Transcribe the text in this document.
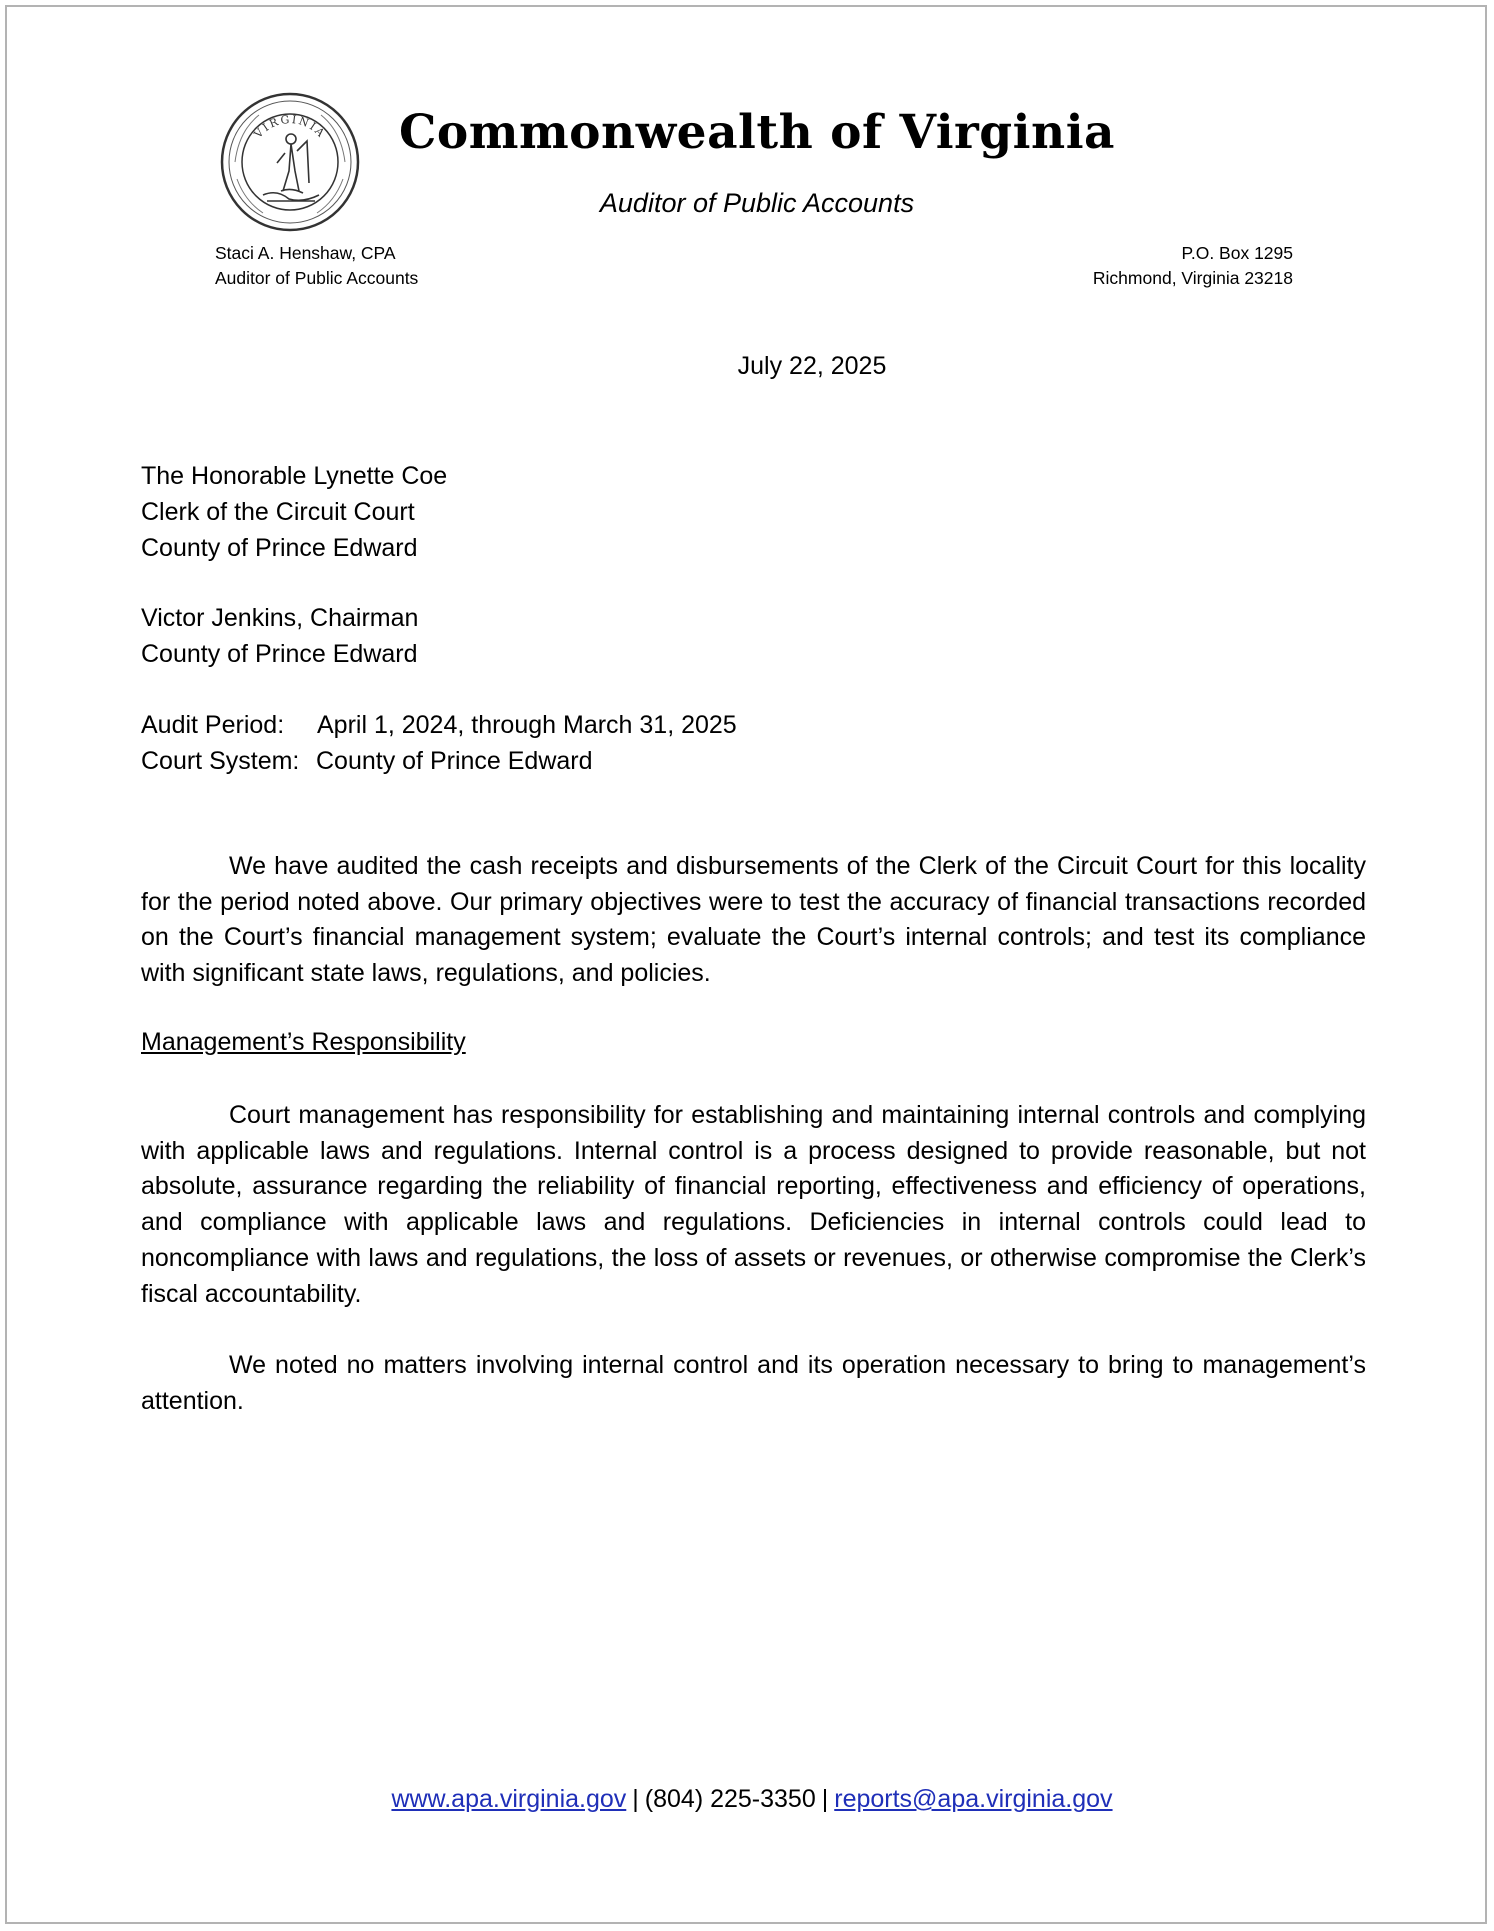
VIRGINIA Commonwealth of Virginia
Auditor of Public Accounts
Staci A. Henshaw, CPA
Auditor of Public Accounts
P.O. Box 1295
Richmond, Virginia 23218
July 22, 2025
The Honorable Lynette Coe
Clerk of the Circuit Court
County of Prince Edward
Victor Jenkins, Chairman
County of Prince Edward
Audit Period:	April 1, 2024, through March 31, 2025
Court System: County of Prince Edward

We have audited the cash receipts and disbursements of the Clerk of the Circuit Court for this locality for the period noted above. Our primary objectives were to test the accuracy of financial transactions recorded on the Court’s financial management system; evaluate the Court’s internal controls; and test its compliance with significant state laws, regulations, and policies.

Management’s Responsibility

Court management has responsibility for establishing and maintaining internal controls and complying with applicable laws and regulations. Internal control is a process designed to provide reasonable, but not absolute, assurance regarding the reliability of financial reporting, effectiveness and efficiency of operations, and compliance with applicable laws and regulations. Deficiencies in internal controls could lead to noncompliance with laws and regulations, the loss of assets or revenues, or otherwise compromise the Clerk’s fiscal accountability.

We noted no matters involving internal control and its operation necessary to bring to management’s attention.

www.apa.virginia.gov | (804) 225-3350 | reports@apa.virginia.gov
